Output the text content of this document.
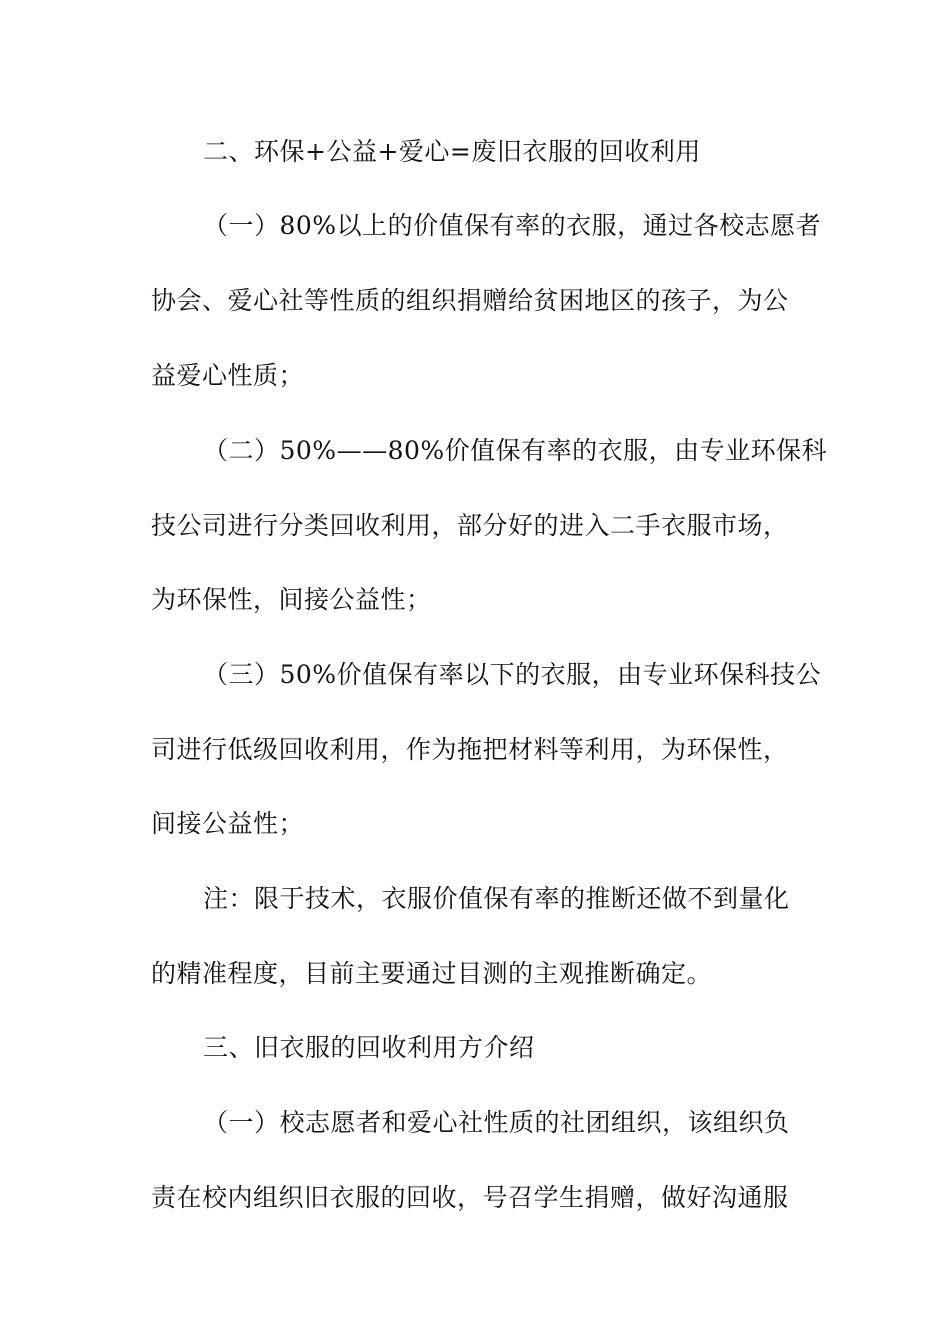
二、环保+公益+爱心=废旧衣服的回收利用
（一）80%以上的价值保有率的衣服，通过各校志愿者
协会、爱心社等性质的组织捐赠给贫困地区的孩子，为公
益爱心性质；
（二）50%——80%价值保有率的衣服，由专业环保科
技公司进行分类回收利用，部分好的进入二手衣服市场，
为环保性，间接公益性；
（三）50%价值保有率以下的衣服，由专业环保科技公
司进行低级回收利用，作为拖把材料等利用，为环保性，
间接公益性；
注：限于技术，衣服价值保有率的推断还做不到量化
的精准程度，目前主要通过目测的主观推断确定。
三、旧衣服的回收利用方介绍
（一）校志愿者和爱心社性质的社团组织，该组织负
责在校内组织旧衣服的回收，号召学生捐赠，做好沟通服
